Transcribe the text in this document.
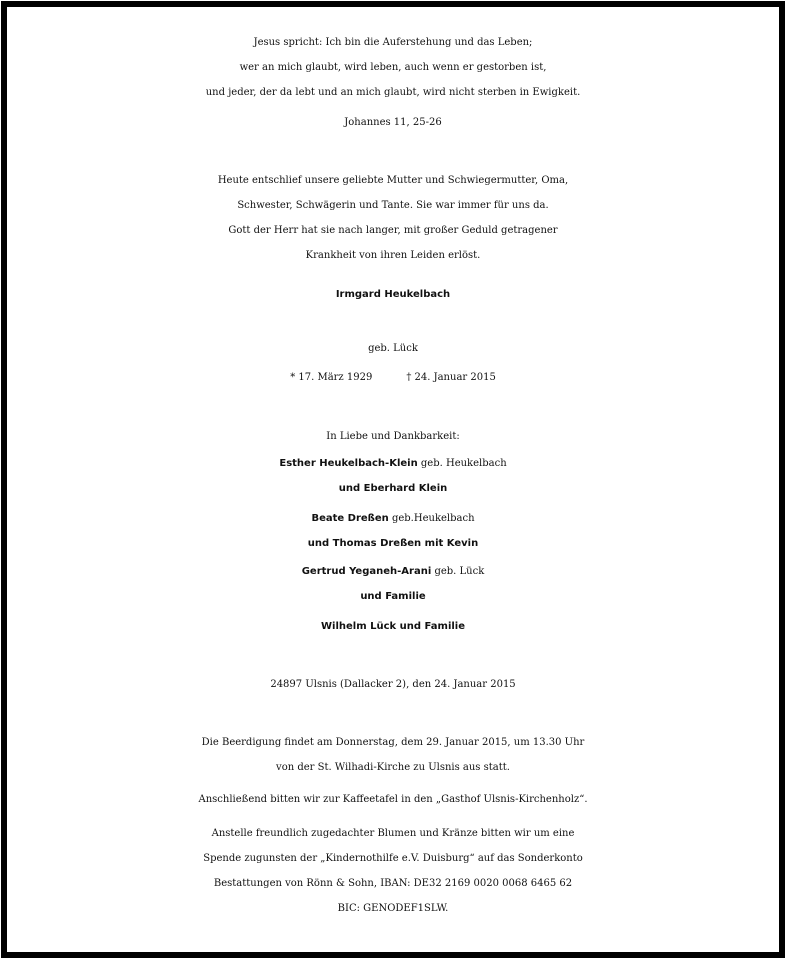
Jesus spricht: Ich bin die Auferstehung und das Leben;
wer an mich glaubt, wird leben, auch wenn er gestorben ist,
und jeder, der da lebt und an mich glaubt, wird nicht sterben in Ewigkeit.
Johannes 11, 25-26
Heute entschlief unsere geliebte Mutter und Schwiegermutter, Oma,
Schwester, Schwägerin und Tante. Sie war immer für uns da.
Gott der Herr hat sie nach langer, mit großer Geduld getragener
Krankheit von ihren Leiden erlöst.
Irmgard Heukelbach
geb. Lück
* 17. März 1929	† 24. Januar 2015
In Liebe und Dankbarkeit:
Esther Heukelbach-Klein geb. Heukelbach
und Eberhard Klein
Beate Dreßen geb.Heukelbach
und Thomas Dreßen mit Kevin
Gertrud Yeganeh-Arani geb. Lück
und Familie
Wilhelm Lück und Familie
24897 Ulsnis (Dallacker 2), den 24. Januar 2015
Die Beerdigung findet am Donnerstag, dem 29. Januar 2015, um 13.30 Uhr
von der St. Wilhadi-Kirche zu Ulsnis aus statt.
Anschließend bitten wir zur Kaffeetafel in den „Gasthof Ulsnis-Kirchenholz“.
Anstelle freundlich zugedachter Blumen und Kränze bitten wir um eine
Spende zugunsten der „Kindernothilfe e.V. Duisburg“ auf das Sonderkonto
Bestattungen von Rönn & Sohn, IBAN: DE32 2169 0020 0068 6465 62
BIC: GENODEF1SLW.
